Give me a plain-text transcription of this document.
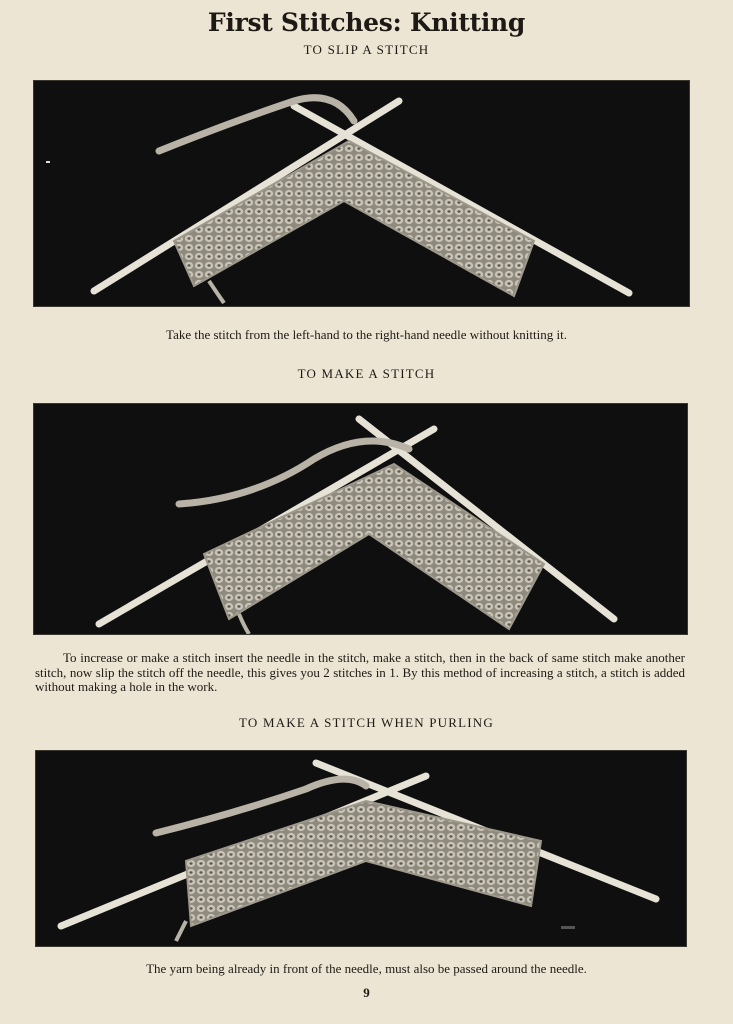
First Stitches: Knitting
TO SLIP A STITCH
Take the stitch from the left-hand to the right-hand needle without knitting it.
TO MAKE A STITCH
To increase or make a stitch insert the needle in the stitch, make a stitch, then in the back of same stitch make another stitch, now slip the stitch off the needle, this gives you 2 stitches in 1. By this method of increasing a stitch, a stitch is added without making a hole in the work.
TO MAKE A STITCH WHEN PURLING
The yarn being already in front of the needle, must also be passed around the needle.
9
